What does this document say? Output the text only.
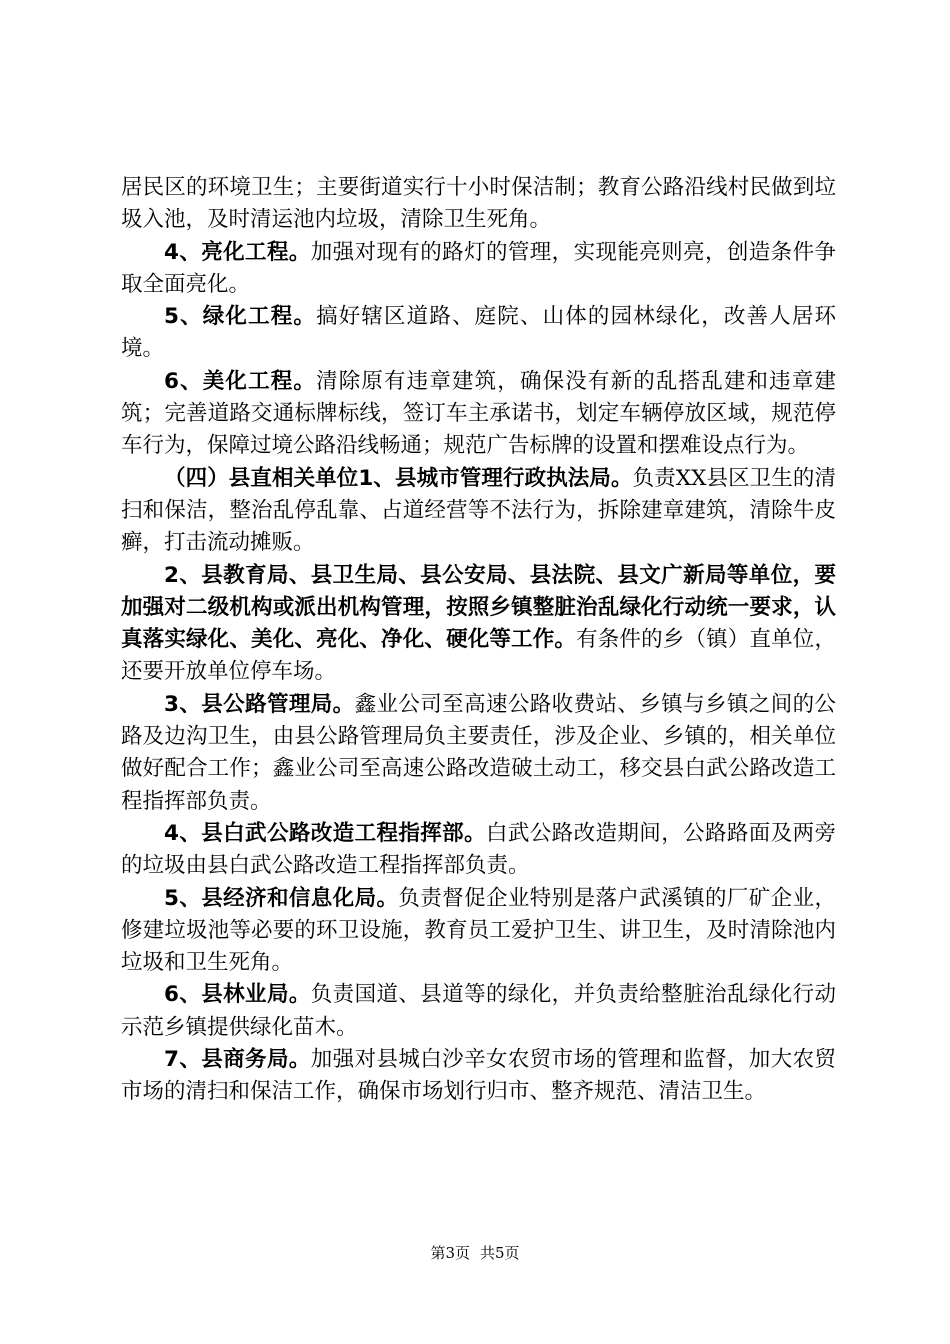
居民区的环境卫生；主要街道实行十小时保洁制；教育公路沿线村民做到垃圾入池，及时清运池内垃圾，清除卫生死角。

4、亮化工程。加强对现有的路灯的管理，实现能亮则亮，创造条件争取全面亮化。

5、绿化工程。搞好辖区道路、庭院、山体的园林绿化，改善人居环境。

6、美化工程。清除原有违章建筑，确保没有新的乱搭乱建和违章建筑；完善道路交通标牌标线，签订车主承诺书，划定车辆停放区域，规范停车行为，保障过境公路沿线畅通；规范广告标牌的设置和摆难设点行为。

（四）县直相关单位1、县城市管理行政执法局。负责XX县区卫生的清扫和保洁，整治乱停乱靠、占道经营等不法行为，拆除建章建筑，清除牛皮癣，打击流动摊贩。

2、县教育局、县卫生局、县公安局、县法院、县文广新局等单位，要加强对二级机构或派出机构管理，按照乡镇整脏治乱绿化行动统一要求，认真落实绿化、美化、亮化、净化、硬化等工作。有条件的乡（镇）直单位，还要开放单位停车场。

3、县公路管理局。鑫业公司至高速公路收费站、乡镇与乡镇之间的公路及边沟卫生，由县公路管理局负主要责任，涉及企业、乡镇的，相关单位做好配合工作；鑫业公司至高速公路改造破土动工，移交县白武公路改造工程指挥部负责。

4、县白武公路改造工程指挥部。白武公路改造期间，公路路面及两旁的垃圾由县白武公路改造工程指挥部负责。

5、县经济和信息化局。负责督促企业特别是落户武溪镇的厂矿企业，修建垃圾池等必要的环卫设施，教育员工爱护卫生、讲卫生，及时清除池内垃圾和卫生死角。

6、县林业局。负责国道、县道等的绿化，并负责给整脏治乱绿化行动示范乡镇提供绿化苗木。

7、县商务局。加强对县城白沙辛女农贸市场的管理和监督，加大农贸市场的清扫和保洁工作，确保市场划行归市、整齐规范、清洁卫生。

第3页 共5页
